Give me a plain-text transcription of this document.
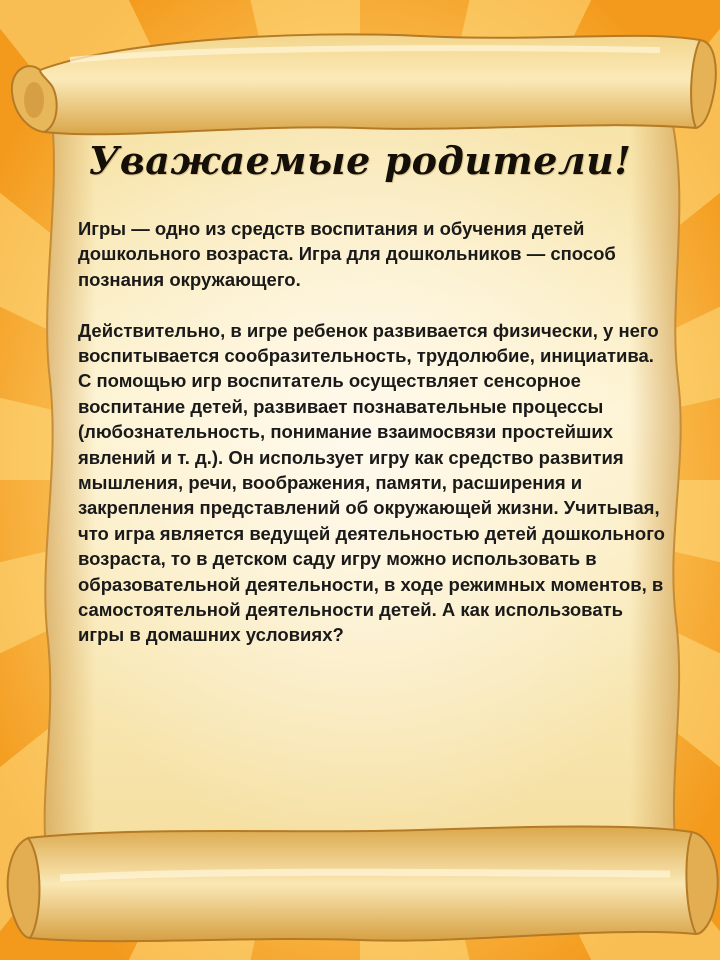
Уважаемые родители!

Игры — одно из средств воспитания и обучения детей дошкольного возраста. Игра для дошкольников — способ познания окружающего.

Действительно, в игре ребенок развивается физически, у него воспитывается сообразительность, трудолюбие, инициатива. С помощью игр воспитатель осуществляет сенсорное воспитание детей, развивает познавательные процессы (любознательность, понимание взаимосвязи простейших явлений и т. д.). Он использует игру как средство развития мышления, речи, воображения, памяти, расширения и закрепления представлений об окружающей жизни. Учитывая, что игра является ведущей деятельностью детей дошкольного возраста, то в детском саду игру можно использовать в образовательной деятельности, в ходе режимных моментов, в самостоятельной деятельности детей. А как использовать игры в домашних условиях?
